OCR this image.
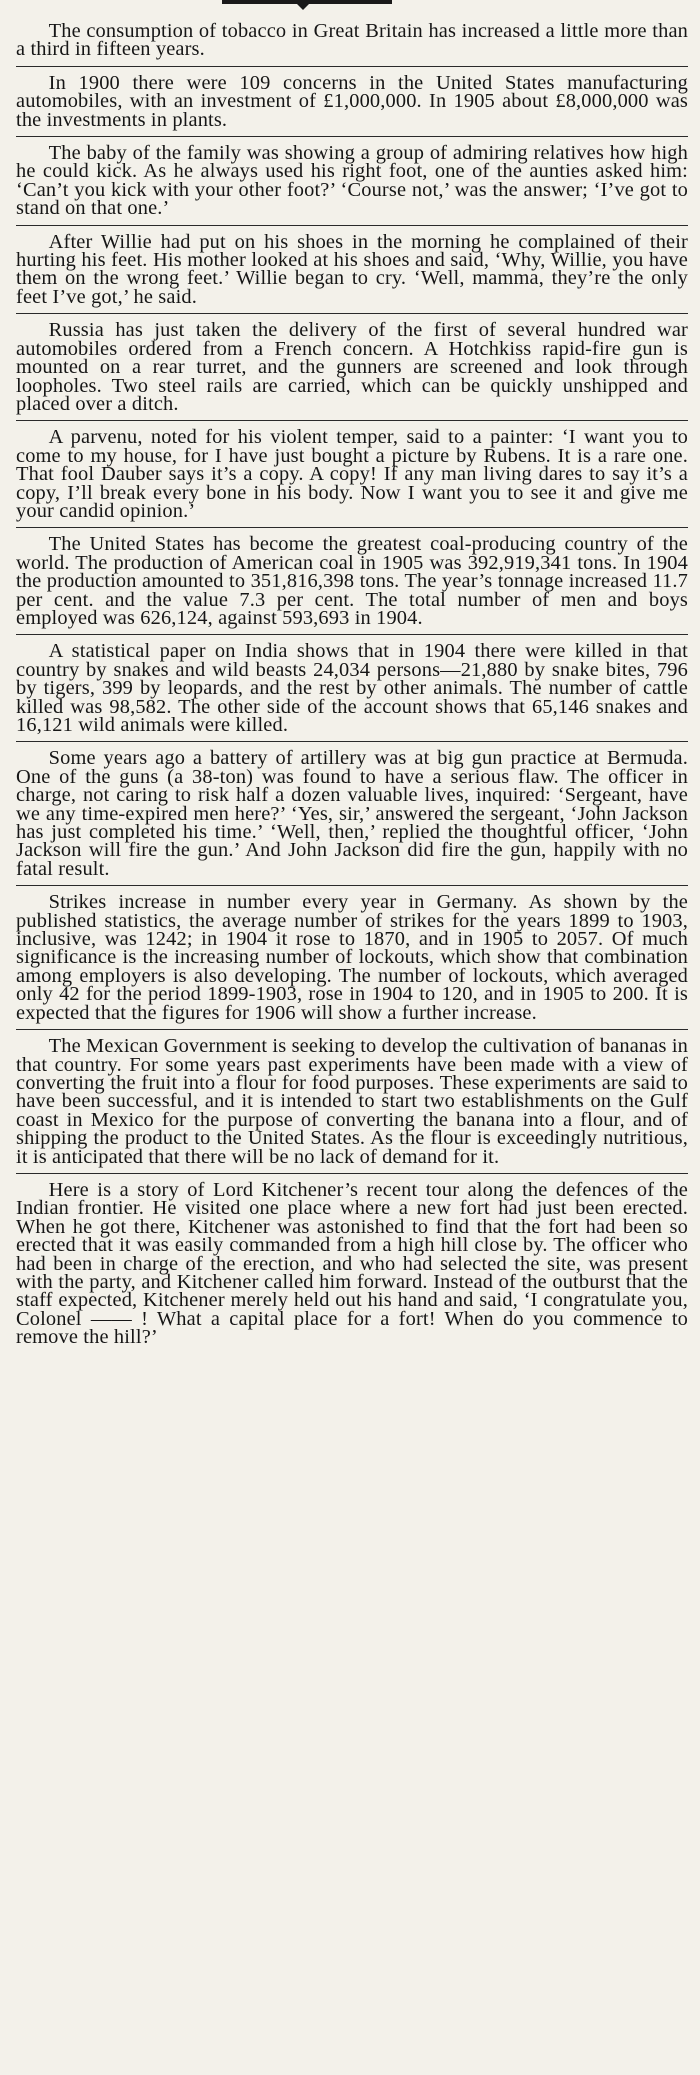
The consumption of tobacco in Great Britain has increased a little more than a third in fifteen years.

In 1900 there were 109 concerns in the United States manufacturing automobiles, with an investment of £1,000,000. In 1905 about £8,000,000 was the investments in plants.

The baby of the family was showing a group of admiring relatives how high he could kick. As he always used his right foot, one of the aunties asked him: ‘Can’t you kick with your other foot?’ ‘Course not,’ was the answer; ‘I’ve got to stand on that one.’

After Willie had put on his shoes in the morning he complained of their hurting his feet. His mother looked at his shoes and said, ‘Why, Willie, you have them on the wrong feet.’ Willie began to cry. ‘Well, mamma, they’re the only feet I’ve got,’ he said.

Russia has just taken the delivery of the first of several hundred war automobiles ordered from a French concern. A Hotchkiss rapid-fire gun is mounted on a rear turret, and the gunners are screened and look through loopholes. Two steel rails are carried, which can be quickly unshipped and placed over a ditch.

A parvenu, noted for his violent temper, said to a painter: ‘I want you to come to my house, for I have just bought a picture by Rubens. It is a rare one. That fool Dauber says it’s a copy. A copy! If any man living dares to say it’s a copy, I’ll break every bone in his body. Now I want you to see it and give me your candid opinion.’

The United States has become the greatest coal-producing country of the world. The production of American coal in 1905 was 392,919,341 tons. In 1904 the production amounted to 351,816,398 tons. The year’s tonnage increased 11.7 per cent. and the value 7.3 per cent. The total number of men and boys employed was 626,124, against 593,693 in 1904.

A statistical paper on India shows that in 1904 there were killed in that country by snakes and wild beasts 24,034 persons—21,880 by snake bites, 796 by tigers, 399 by leopards, and the rest by other animals. The number of cattle killed was 98,582. The other side of the account shows that 65,146 snakes and 16,121 wild animals were killed.

Some years ago a battery of artillery was at big gun practice at Bermuda. One of the guns (a 38-ton) was found to have a serious flaw. The officer in charge, not caring to risk half a dozen valuable lives, inquired: ‘Sergeant, have we any time-expired men here?’ ‘Yes, sir,’ answered the sergeant, ‘John Jackson has just completed his time.’ ‘Well, then,’ replied the thoughtful officer, ‘John Jackson will fire the gun.’ And John Jackson did fire the gun, happily with no fatal result.

Strikes increase in number every year in Germany. As shown by the published statistics, the average number of strikes for the years 1899 to 1903, inclusive, was 1242; in 1904 it rose to 1870, and in 1905 to 2057. Of much significance is the increasing number of lockouts, which show that combination among employers is also developing. The number of lockouts, which averaged only 42 for the period 1899-1903, rose in 1904 to 120, and in 1905 to 200. It is expected that the figures for 1906 will show a further increase.

The Mexican Government is seeking to develop the cultivation of bananas in that country. For some years past experiments have been made with a view of converting the fruit into a flour for food purposes. These experiments are said to have been successful, and it is intended to start two establishments on the Gulf coast in Mexico for the purpose of converting the banana into a flour, and of shipping the product to the United States. As the flour is exceedingly nutritious, it is anticipated that there will be no lack of demand for it.

Here is a story of Lord Kitchener’s recent tour along the defences of the Indian frontier. He visited one place where a new fort had just been erected. When he got there, Kitchener was astonished to find that the fort had been so erected that it was easily commanded from a high hill close by. The officer who had been in charge of the erection, and who had selected the site, was present with the party, and Kitchener called him forward. Instead of the outburst that the staff expected, Kitchener merely held out his hand and said, ‘I congratulate you, Colonel —— ! What a capital place for a fort! When do you commence to remove the hill?’
